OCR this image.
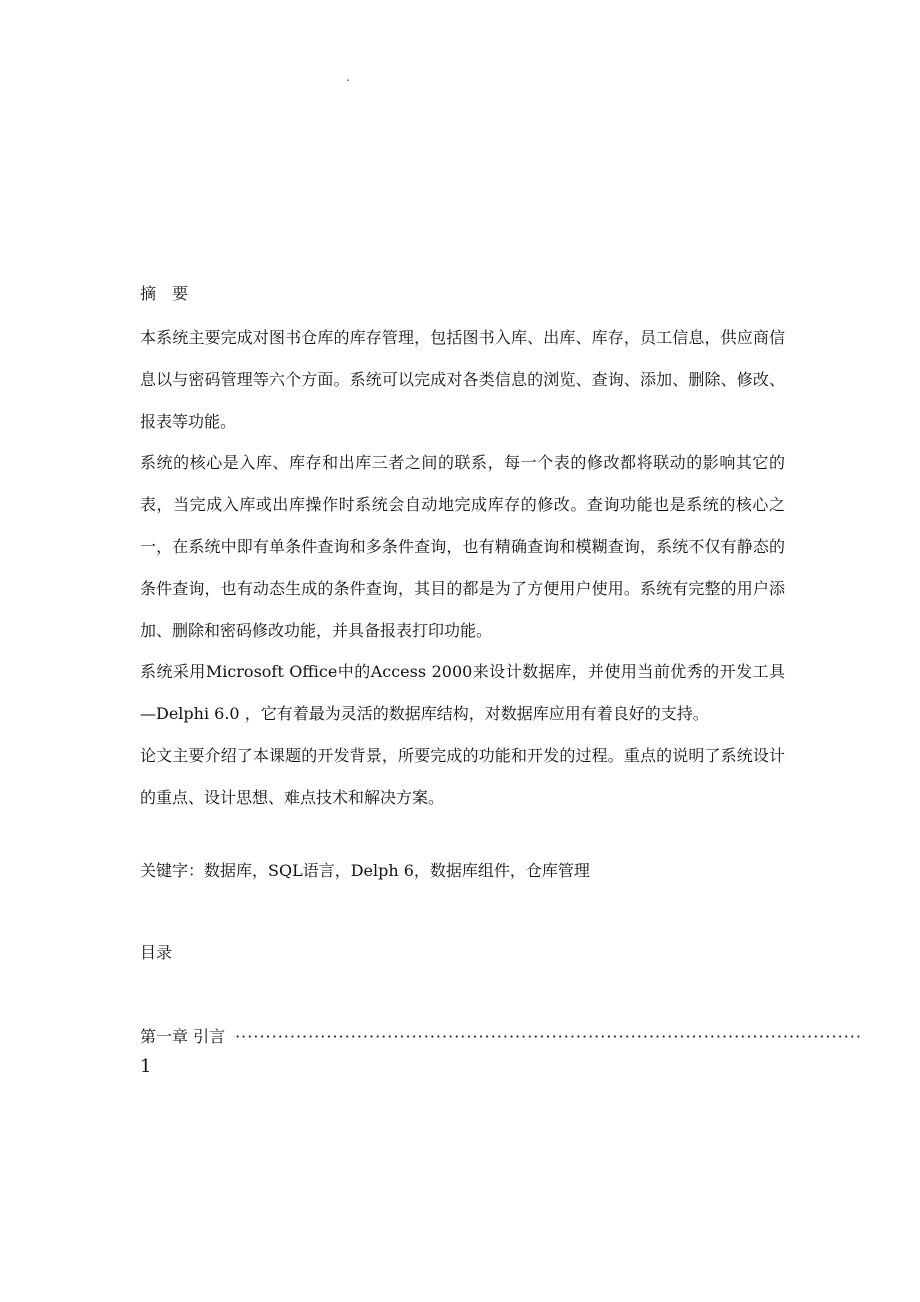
.
摘　要

本系统主要完成对图书仓库的库存管理，包括图书入库、出库、库存，员工信息，供应商信息以与密码管理等六个方面。系统可以完成对各类信息的浏览、查询、添加、删除、修改、报表等功能。

系统的核心是入库、库存和出库三者之间的联系，每一个表的修改都将联动的影响其它的表，当完成入库或出库操作时系统会自动地完成库存的修改。查询功能也是系统的核心之一，在系统中即有单条件查询和多条件查询，也有精确查询和模糊查询，系统不仅有静态的条件查询，也有动态生成的条件查询，其目的都是为了方便用户使用。系统有完整的用户添加、删除和密码修改功能，并具备报表打印功能。

系统采用Microsoft Office中的Access 2000来设计数据库，并使用当前优秀的开发工具—Delphi 6.0 ，它有着最为灵活的数据库结构，对数据库应用有着良好的支持。

论文主要介绍了本课题的开发背景，所要完成的功能和开发的过程。重点的说明了系统设计的重点、设计思想、难点技术和解决方案。

关键字：数据库，SQL语言，Delph 6，数据库组件，仓库管理
目录
第一章 引言 ·······································································································
1
